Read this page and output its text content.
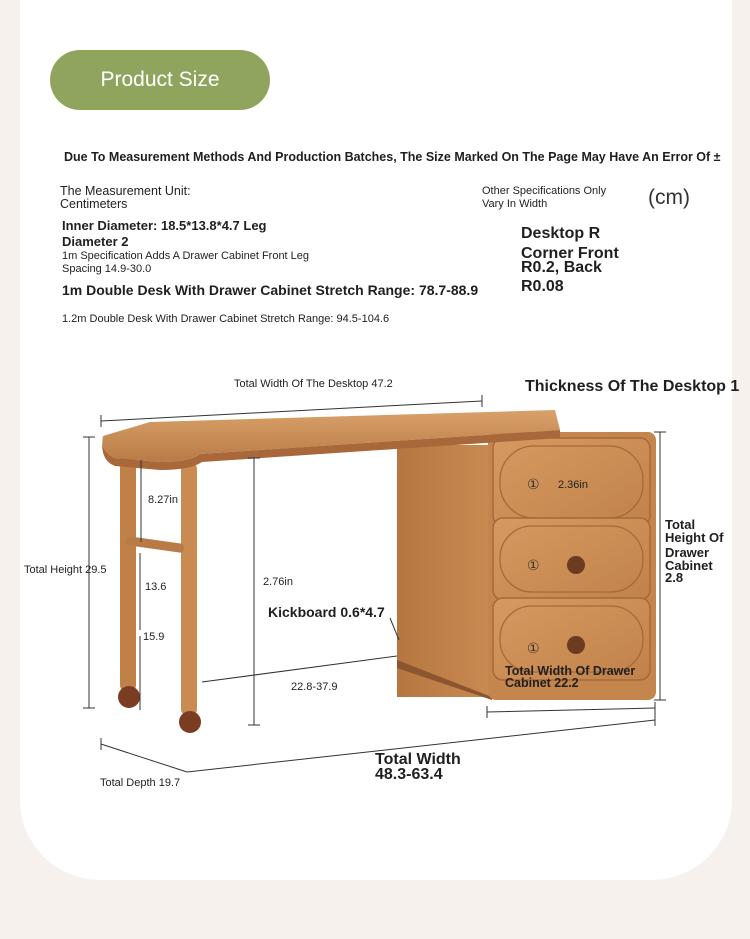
Product Size
Due To Measurement Methods And Production Batches, The Size Marked On The Page May Have An Error Of ±
The Measurement Unit:
Centimeters
Other Specifications Only
Vary In Width	(cm)
Inner Diameter: 18.5*13.8*4.7 Leg
Diameter 2
1m Specification Adds A Drawer Cabinet Front Leg
Spacing 14.9-30.0
1m Double Desk With Drawer Cabinet Stretch Range: 78.7-88.9
1.2m Double Desk With Drawer Cabinet Stretch Range: 94.5-104.6
Desktop R
Corner Front
R0.2, Back
R0.08
Total Width Of The Desktop 47.2	Thickness Of The Desktop 1
Total Height 29.5
8.27in
13.6
15.9
2.76in
Kickboard 0.6*4.7
22.8-37.9
①
①
①
2.36in
Total
Height Of
Drawer
Cabinet
2.8
Total Width Of Drawer
Cabinet 22.2
Total Width
48.3-63.4
Total Depth 19.7
